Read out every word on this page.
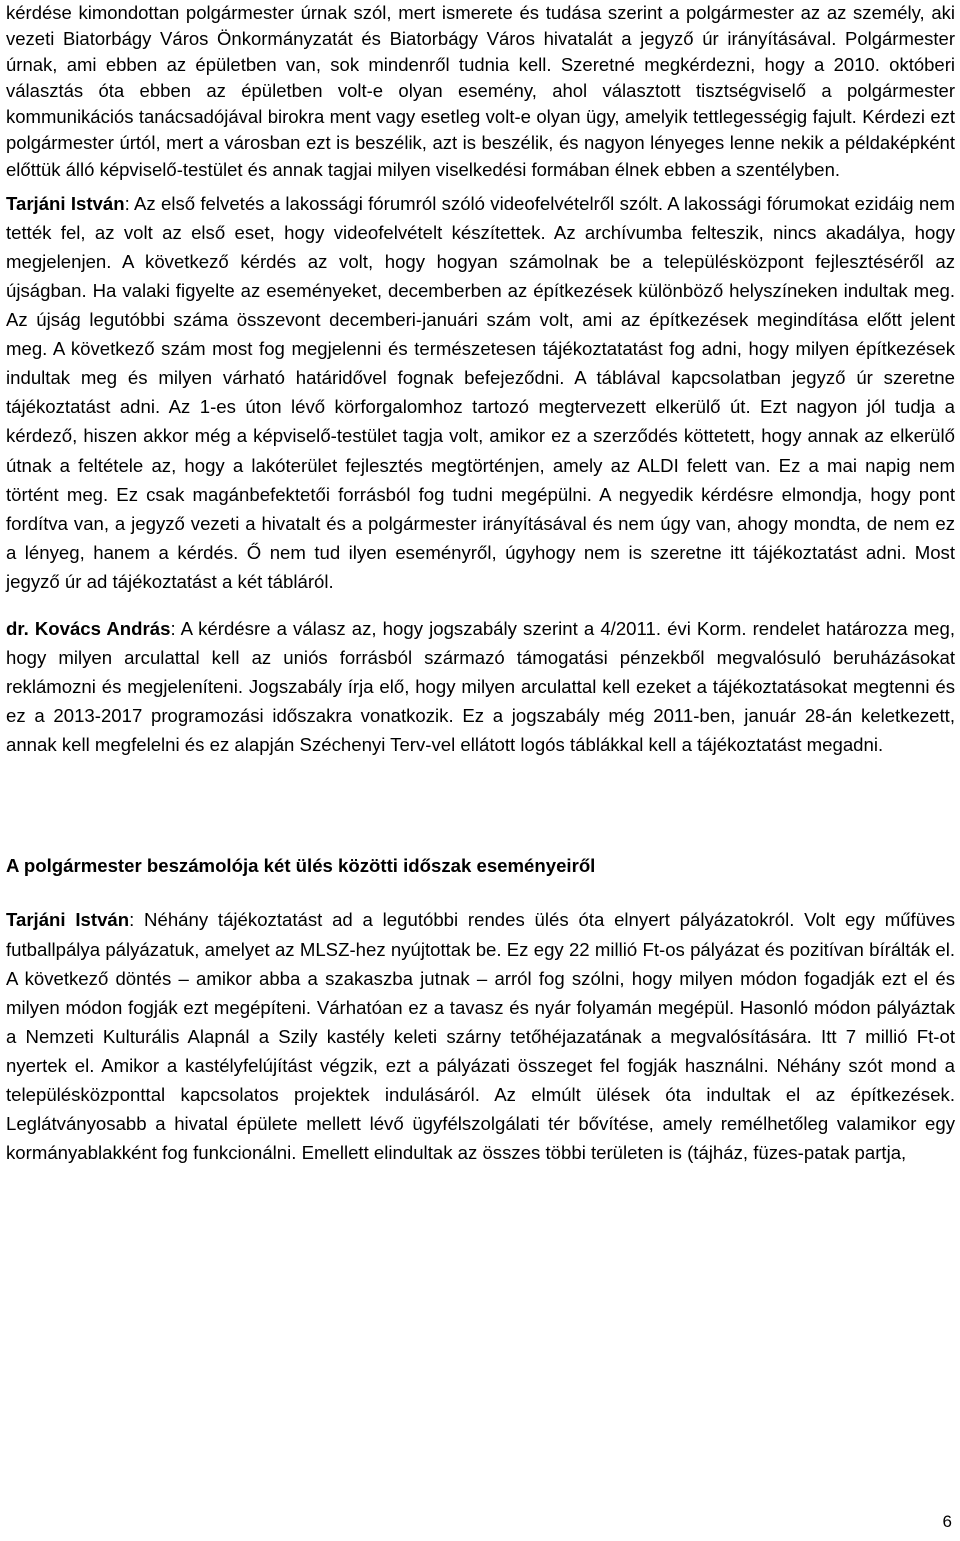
kérdése kimondottan polgármester úrnak szól, mert ismerete és tudása szerint a polgármester az az személy, aki vezeti Biatorbágy Város Önkormányzatát és Biatorbágy Város hivatalát a jegyző úr irányításával. Polgármester úrnak, ami ebben az épületben van, sok mindenről tudnia kell. Szeretné megkérdezni, hogy a 2010. októberi választás óta ebben az épületben volt-e olyan esemény, ahol választott tisztségviselő a polgármester kommunikációs tanácsadójával birokra ment vagy esetleg volt-e olyan ügy, amelyik tettlegességig fajult. Kérdezi ezt polgármester úrtól, mert a városban ezt is beszélik, azt is beszélik, és nagyon lényeges lenne nekik a példaképként előttük álló képviselő-testület és annak tagjai milyen viselkedési formában élnek ebben a szentélyben.

Tarjáni István: Az első felvetés a lakossági fórumról szóló videofelvételről szólt. A lakossági fórumokat ezidáig nem tették fel, az volt az első eset, hogy videofelvételt készítettek. Az archívumba felteszik, nincs akadálya, hogy megjelenjen. A következő kérdés az volt, hogy hogyan számolnak be a településközpont fejlesztéséről az újságban. Ha valaki figyelte az eseményeket, decemberben az építkezések különböző helyszíneken indultak meg. Az újság legutóbbi száma összevont decemberi-januári szám volt, ami az építkezések megindítása előtt jelent meg. A következő szám most fog megjelenni és természetesen tájékoztatatást fog adni, hogy milyen építkezések indultak meg és milyen várható határidővel fognak befejeződni. A táblával kapcsolatban jegyző úr szeretne tájékoztatást adni. Az 1-es úton lévő körforgalomhoz tartozó megtervezett elkerülő út. Ezt nagyon jól tudja a kérdező, hiszen akkor még a képviselő-testület tagja volt, amikor ez a szerződés köttetett, hogy annak az elkerülő útnak a feltétele az, hogy a lakóterület fejlesztés megtörténjen, amely az ALDI felett van. Ez a mai napig nem történt meg. Ez csak magánbefektetői forrásból fog tudni megépülni. A negyedik kérdésre elmondja, hogy pont fordítva van, a jegyző vezeti a hivatalt és a polgármester irányításával és nem úgy van, ahogy mondta, de nem ez a lényeg, hanem a kérdés. Ő nem tud ilyen eseményről, úgyhogy nem is szeretne itt tájékoztatást adni. Most jegyző úr ad tájékoztatást a két tábláról.

dr. Kovács András: A kérdésre a válasz az, hogy jogszabály szerint a 4/2011. évi Korm. rendelet határozza meg, hogy milyen arculattal kell az uniós forrásból származó támogatási pénzekből megvalósuló beruházásokat reklámozni és megjeleníteni. Jogszabály írja elő, hogy milyen arculattal kell ezeket a tájékoztatásokat megtenni és ez a 2013-2017 programozási időszakra vonatkozik. Ez a jogszabály még 2011-ben, január 28-án keletkezett, annak kell megfelelni és ez alapján Széchenyi Terv-vel ellátott logós táblákkal kell a tájékoztatást megadni.

A polgármester beszámolója két ülés közötti időszak eseményeiről

Tarjáni István: Néhány tájékoztatást ad a legutóbbi rendes ülés óta elnyert pályázatokról. Volt egy műfüves futballpálya pályázatuk, amelyet az MLSZ-hez nyújtottak be. Ez egy 22 millió Ft-os pályázat és pozitívan bírálták el. A következő döntés – amikor abba a szakaszba jutnak – arról fog szólni, hogy milyen módon fogadják ezt el és milyen módon fogják ezt megépíteni. Várhatóan ez a tavasz és nyár folyamán megépül. Hasonló módon pályáztak a Nemzeti Kulturális Alapnál a Szily kastély keleti szárny tetőhéjazatának a megvalósítására. Itt 7 millió Ft-ot nyertek el. Amikor a kastélyfelújítást végzik, ezt a pályázati összeget fel fogják használni. Néhány szót mond a településközponttal kapcsolatos projektek indulásáról. Az elmúlt ülések óta indultak el az építkezések. Leglátványosabb a hivatal épülete mellett lévő ügyfélszolgálati tér bővítése, amely remélhetőleg valamikor egy kormányablakként fog funkcionálni. Emellett elindultak az összes többi területen is (tájház, füzes-patak partja,

6
